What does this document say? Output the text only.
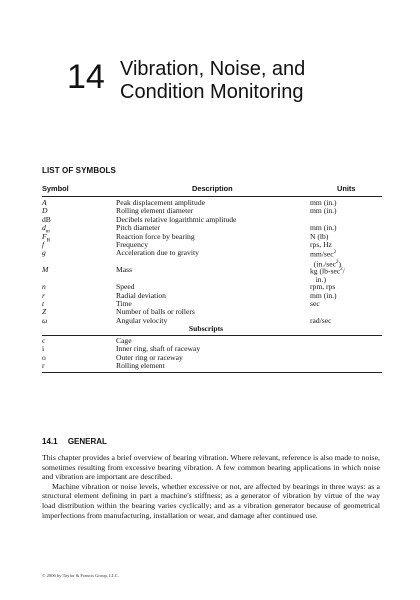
14 Vibration, Noise, and
Condition Monitoring
LIST OF SYMBOLS
Symbol	Description	Units
A	Peak displacement amplitude	mm (in.)
D	Rolling element diameter	mm (in.)
dB	Decibels relative logarithmic amplitude
$d_m$	Pitch diameter	mm (in.)
$F_R$	Reaction force by bearing	N (lb)
f	Frequency	rps, Hz
g	Acceleration due to gravity	$mm/\sec^2$
$(in./\sec^2)$
M	Mass	kg ($lb-\sec^2/$
in.)
n	Speed	rpm, rps
r	Radial deviation	mm (in.)
t	Time	sec
Z	Number of balls or rollers
ω	Angular velocity	rad/sec
Subscripts
c	Cage
i	Inner ring, shaft of raceway
o	Outer ring or raceway
r	Rolling element
14.1 GENERAL

This chapter provides a brief overview of bearing vibration. Where relevant, reference is also made to noise, sometimes resulting from excessive bearing vibration. A few common bearing applications in which noise and vibration are important are described.

Machine vibration or noise levels, whether excessive or not, are affected by bearings in three ways: as a structural element defining in part a machine's stiffness; as a generator of vibration by virtue of the way load distribution within the bearing varies cyclically; and as a vibration generator because of geometrical imperfections from manufacturing, installation or wear, and damage after continued use.

© 2006 by Taylor & Francis Group, LLC.
